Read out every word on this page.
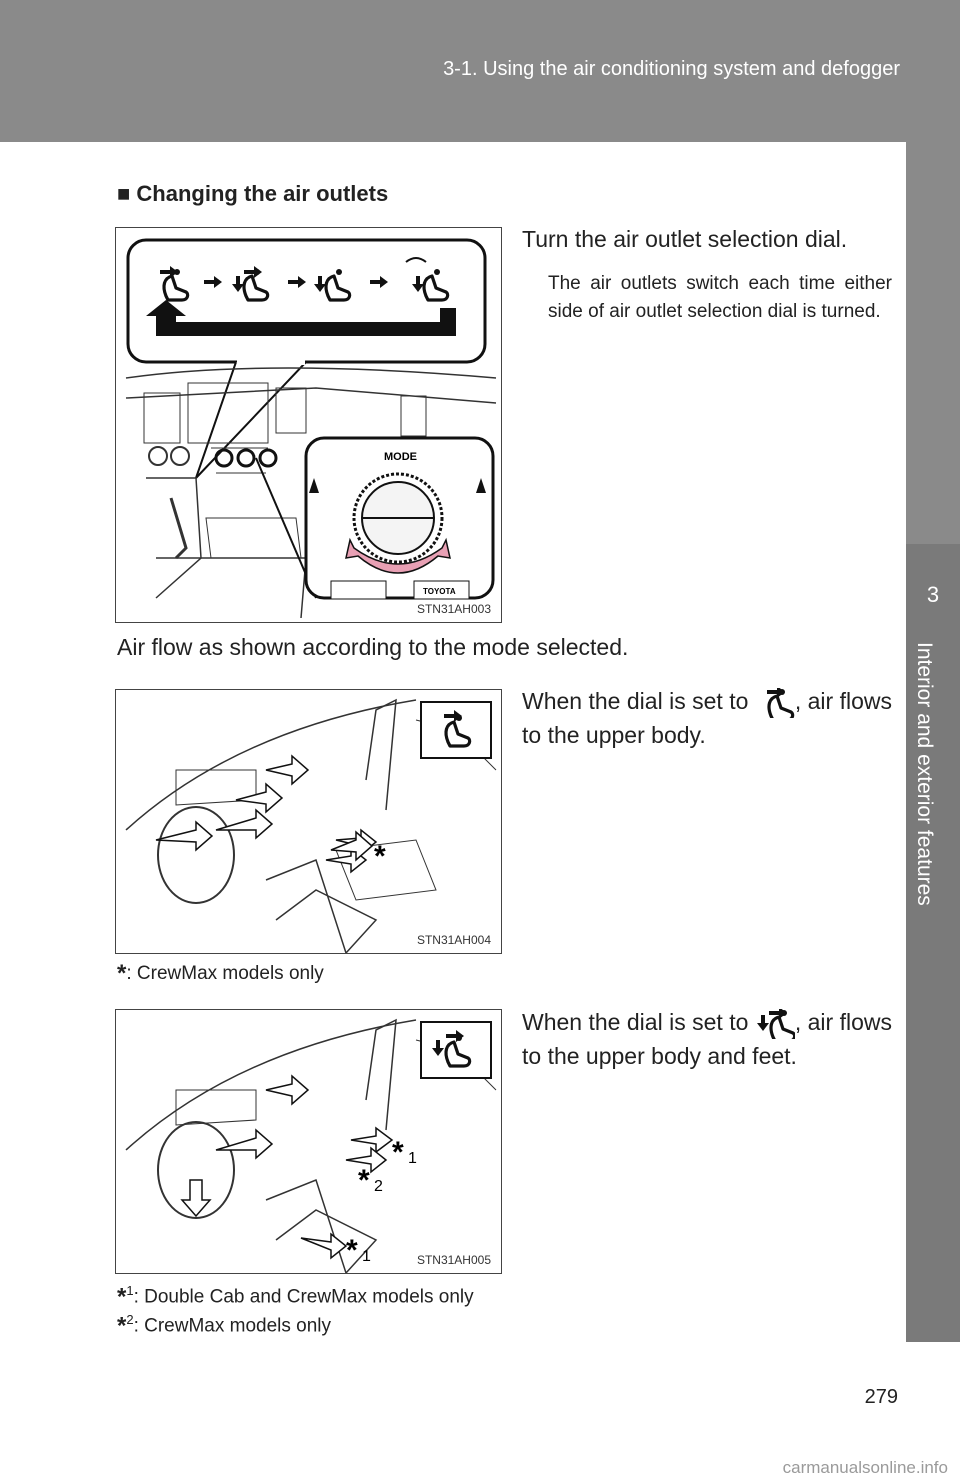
3-1. Using the air conditioning system and defogger
3
Interior and exterior features
■ Changing the air outlets
MODE
TOYOTA
STN31AH003
Turn the air outlet selection dial.
The air outlets switch each time either side of air outlet selection dial is turned.
Air flow as shown according to the mode selected.
*
STN31AH004
When the dial is set to , air flows to the upper body.
*: CrewMax models only
* 1
* 2
* 1	STN31AH005
When the dial is set to , air flows to the upper body and feet.
*$^1$: Double Cab and CrewMax models only
*$^2$: CrewMax models only
279
carmanualsonline.info
